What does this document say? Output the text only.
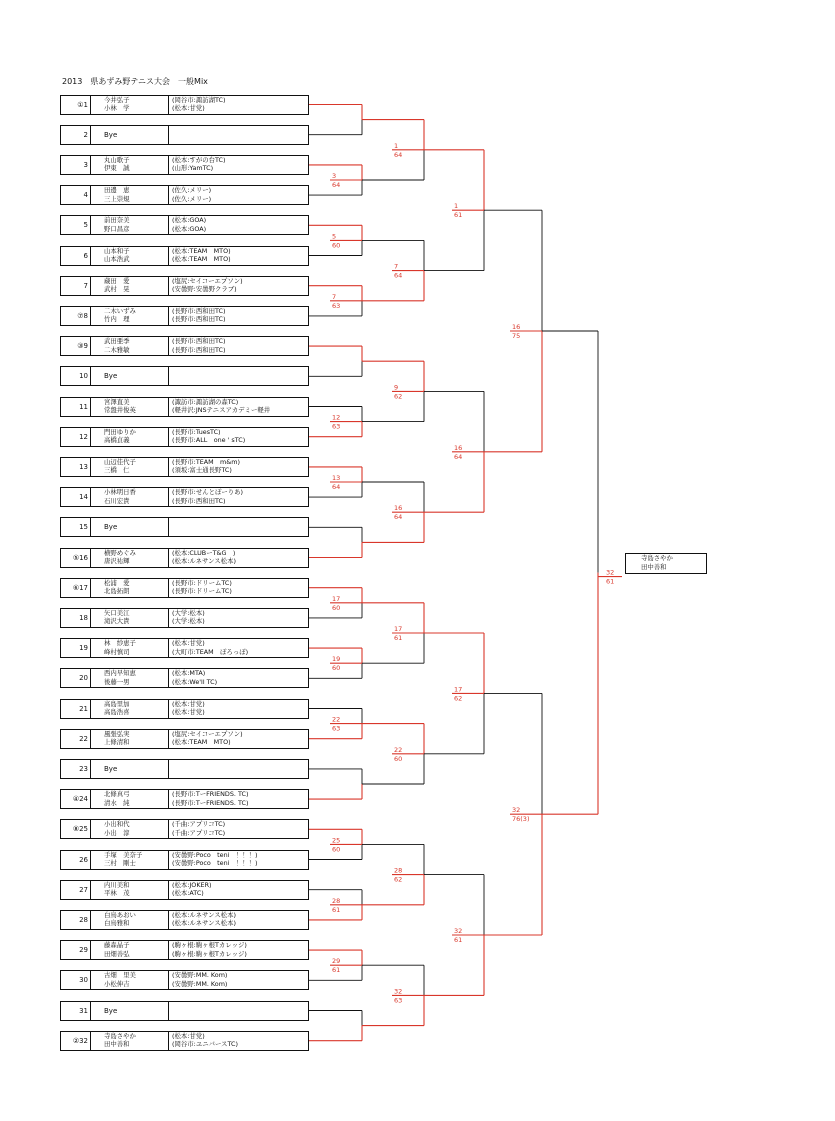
2013　県あずみ野テニス大会　一般Mix
①1
今井弘子
小林　学
(岡谷市:諏訪湖TC)
(松本:甘党)
2	Bye
3
丸山歌子
伊東　誠
(松本:すがの台TC)
(山形:YamTC)
4
田邊　恵
三上崇規
(佐久:メリー)
(佐久:メリー)
5
前田奈美
野口昌彦
(松本:GOA)
(松本:GOA)
6
山本和子
山本浩武
(松本:TEAM　MTO)
(松本:TEAM　MTO)
7
蔵田　愛
武村　晃
(塩尻:セイコーエプソン)
(安曇野:安曇野クラブ)
⑦8
二木いずみ
竹内　理
(長野市:西和田TC)
(長野市:西和田TC)
③9
武田亜季
二木雅敏
(長野市:西和田TC)
(長野市:西和田TC)
10	Bye
11
宮澤直美
常盤井俊英
(諏訪市:諏訪湖の森TC)
(軽井沢:JNSテニスアカデミー軽井
12
門田ゆりか
高橋貞義
(長野市:TuesTC)
(長野市:ALL　one ' sTC)
13
山辺佳代子
三橋　仁
(長野市:TEAM　m&m)
(須坂:富士通長野TC)
14
小林明日香
石川宏貴
(長野市:せんとぽーりあ)
(長野市:西和田TC)
15	Bye
⑤16
横野めぐみ
唐沢祐輝
(松本:CLUBーT&G　)
(松本:ルネサンス松本)
⑥17
松浦　愛
北島拓朗
(長野市:ドリームTC)
(長野市:ドリームTC)
18
矢口美江
滝沢大貴
(大学:松本)
(大学:松本)
19
林　紗恵子
峰村慎司
(松本:甘党)
(大町市:TEAM　ぽろっぽ)
20
西内早知恵
後藤一男
(松本:MTA)
(松本:We'll TC)
21
高島里加
高島浩喜
(松本:甘党)
(松本:甘党)
22
風張弘実
上條清和
(塩尻:セイコーエプソン)
(松本:TEAM　MTO)
23	Bye
④24
北條真弓
清水　純
(長野市:TーFRIENDS. TC)
(長野市:TーFRIENDS. TC)
⑧25
小出和代
小出　淳
(千曲:アプリコTC)
(千曲:アプリコTC)
26
手塚　美奈子
三村　剛士
(安曇野:Poco　teni　！！！)
(安曇野:Poco　teni　！！！)
27
内川美和
平林　茂
(松本:JOKER)
(松本:ATC)
28
白鳥あおい
白鳥雅和
(松本:ルネサンス松本)
(松本:ルネサンス松本)
29
藤森晶子
田畑善弘
(駒ヶ根:駒ヶ根Tカレッジ)
(駒ヶ根:駒ヶ根Tカレッジ)
30
古畑　里美
小松伸吉
(安曇野:MM. Kom)
(安曇野:MM. Kom)
31	Bye
②32
寺島さやか
田中善和
(松本:甘党)
(岡谷市:ユニバースTC)
3
64
5
60
7
63
12
63
13
64
17
60
19
60
22
63
25
60
28
61
29
61
1
64
7
64
9
62
16
64
17
61
22
60
28
62
32
63
1
61
16
64
17
62
32
61
16
75
32
76(3)
32
61
寺島さやか
田中善和
